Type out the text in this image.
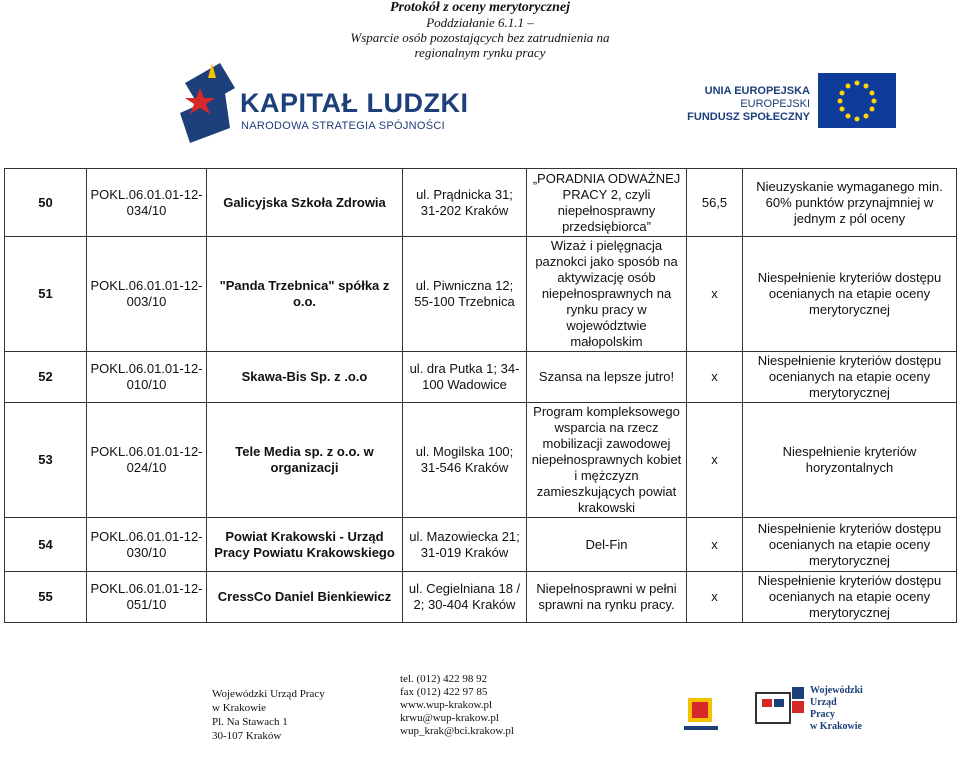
Protokół z oceny merytorycznej
Poddziałanie 6.1.1 –
Wsparcie osób pozostających bez zatrudnienia na
regionalnym rynku pracy
KAPITAŁ LUDZKI
NARODOWA STRATEGIA SPÓJNOŚCI
UNIA EUROPEJSKA
EUROPEJSKI
FUNDUSZ SPOŁECZNY
50	POKL.06.01.01-12-034/10	Galicyjska Szkoła Zdrowia	ul. Prądnicka 31; 31-202 Kraków	„PORADNIA ODWAŻNEJ PRACY 2, czyli niepełnosprawny przedsiębiorca”	56,5	Nieuzyskanie wymaganego min. 60% punktów przynajmniej w jednym z pól oceny
51	POKL.06.01.01-12-003/10	"Panda Trzebnica" spółka z o.o.	ul. Piwniczna 12; 55-100 Trzebnica	Wizaż i pielęgnacja paznokci jako sposób na aktywizację osób niepełnosprawnych na rynku pracy w województwie małopolskim	x	Niespełnienie kryteriów dostępu ocenianych na etapie oceny merytorycznej
52	POKL.06.01.01-12-010/10	Skawa-Bis Sp. z .o.o	ul. dra Putka 1; 34-100 Wadowice	Szansa na lepsze jutro!	x	Niespełnienie kryteriów dostępu ocenianych na etapie oceny merytorycznej
53	POKL.06.01.01-12-024/10	Tele Media sp. z o.o. w organizacji	ul. Mogilska 100; 31-546 Kraków	Program kompleksowego wsparcia na rzecz mobilizacji zawodowej niepełnosprawnych kobiet i mężczyzn zamieszkujących powiat krakowski	x	Niespełnienie kryteriów horyzontalnych
54	POKL.06.01.01-12-030/10	Powiat Krakowski - Urząd Pracy Powiatu Krakowskiego	ul. Mazowiecka 21; 31-019 Kraków	Del-Fin	x	Niespełnienie kryteriów dostępu ocenianych na etapie oceny merytorycznej
55	POKL.06.01.01-12-051/10	CressCo Daniel Bienkiewicz	ul. Cegielniana 18 / 2; 30-404 Kraków	Niepełnosprawni w pełni sprawni na rynku pracy.	x	Niespełnienie kryteriów dostępu ocenianych na etapie oceny merytorycznej
Wojewódzki Urząd Pracy
w Krakowie
Pl. Na Stawach 1
30-107 Kraków
tel. (012) 422 98 92
fax (012) 422 97 85
www.wup-krakow.pl
krwu@wup-krakow.pl
wup_krak@bci.krakow.pl
Wojewódzki
Urząd
Pracy
w Krakowie
